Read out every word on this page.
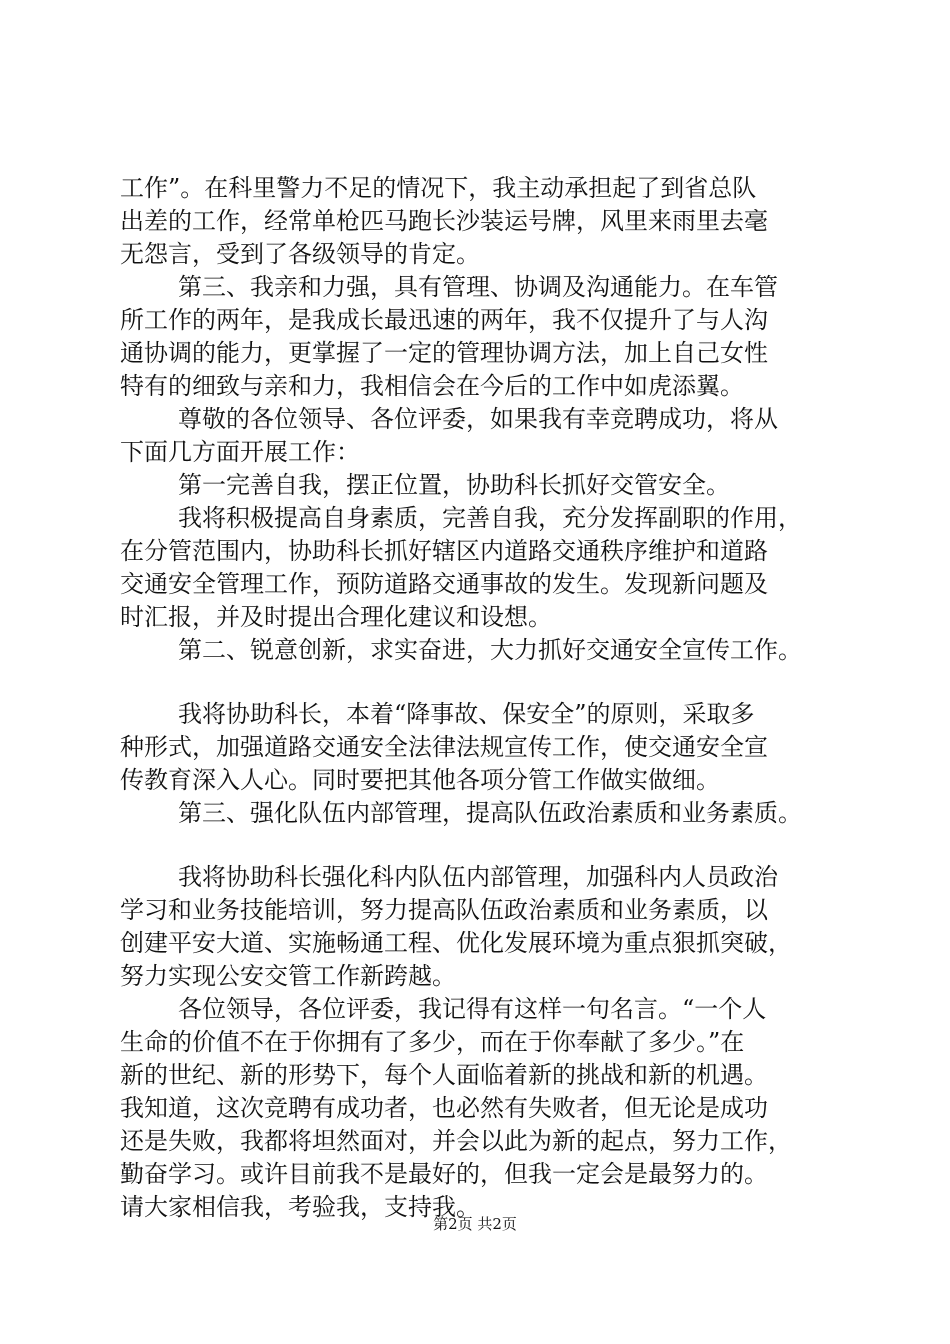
工作”。在科里警力不足的情况下，我主动承担起了到省总队
出差的工作，经常单枪匹马跑长沙装运号牌，风里来雨里去毫
无怨言，受到了各级领导的肯定。
第三、我亲和力强，具有管理、协调及沟通能力。在车管
所工作的两年，是我成长最迅速的两年，我不仅提升了与人沟
通协调的能力，更掌握了一定的管理协调方法，加上自己女性
特有的细致与亲和力，我相信会在今后的工作中如虎添翼。
尊敬的各位领导、各位评委，如果我有幸竞聘成功，将从
下面几方面开展工作：
第一完善自我，摆正位置，协助科长抓好交管安全。
我将积极提高自身素质，完善自我，充分发挥副职的作用，
在分管范围内，协助科长抓好辖区内道路交通秩序维护和道路
交通安全管理工作，预防道路交通事故的发生。发现新问题及
时汇报，并及时提出合理化建议和设想。
第二、锐意创新，求实奋进，大力抓好交通安全宣传工作。
我将协助科长，本着“降事故、保安全”的原则，采取多
种形式，加强道路交通安全法律法规宣传工作，使交通安全宣
传教育深入人心。同时要把其他各项分管工作做实做细。
第三、强化队伍内部管理，提高队伍政治素质和业务素质。
我将协助科长强化科内队伍内部管理，加强科内人员政治
学习和业务技能培训，努力提高队伍政治素质和业务素质，以
创建平安大道、实施畅通工程、优化发展环境为重点狠抓突破，
努力实现公安交管工作新跨越。
各位领导，各位评委，我记得有这样一句名言。“一个人
生命的价值不在于你拥有了多少，而在于你奉献了多少。”在
新的世纪、新的形势下，每个人面临着新的挑战和新的机遇。
我知道，这次竞聘有成功者，也必然有失败者，但无论是成功
还是失败，我都将坦然面对，并会以此为新的起点，努力工作，
勤奋学习。或许目前我不是最好的，但我一定会是最努力的。
请大家相信我，考验我，支持我。
第2页 共2页
